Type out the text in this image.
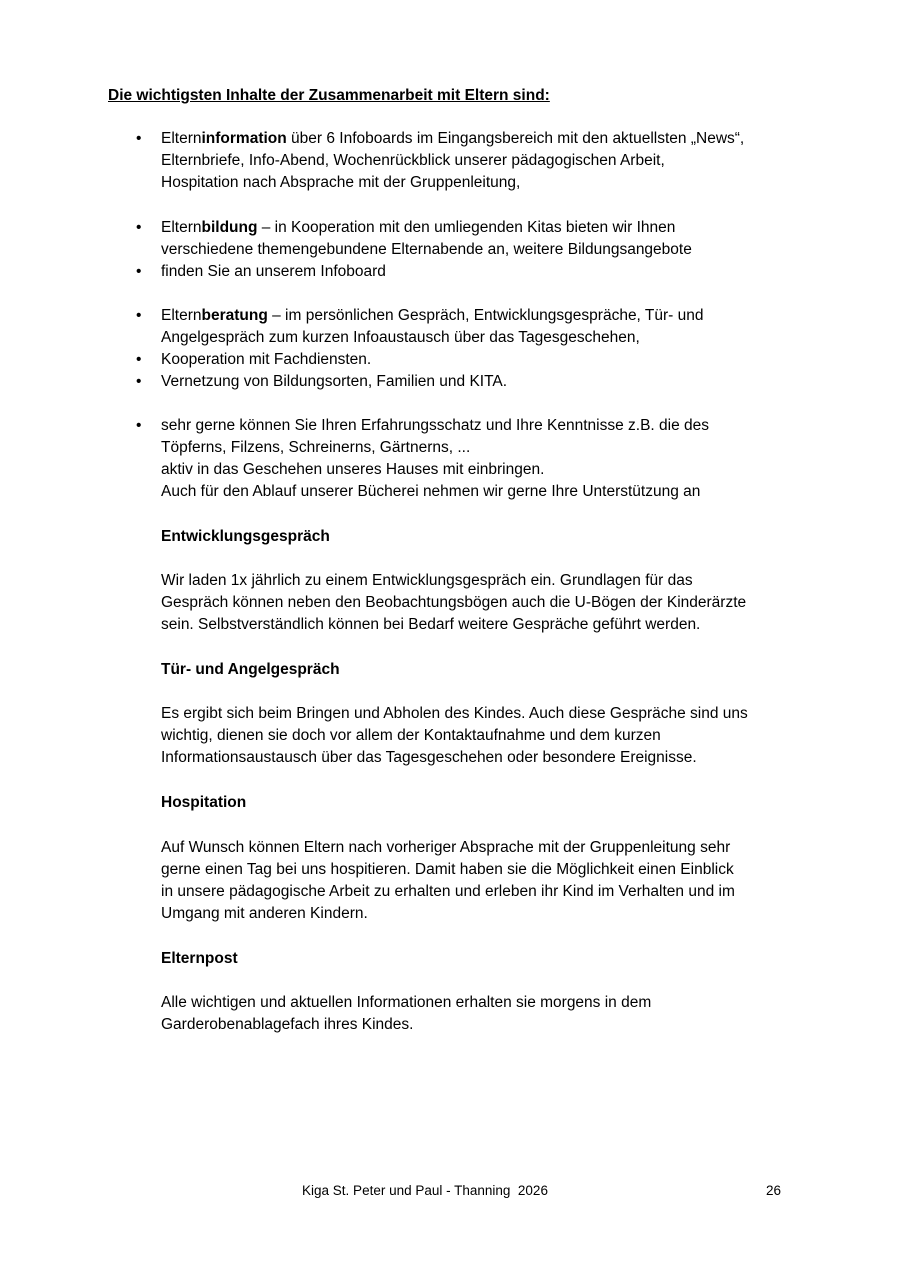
Die wichtigsten Inhalte der Zusammenarbeit mit Eltern sind:
• Elterninformation über 6 Infoboards im Eingangsbereich mit den aktuellsten „News“,
Elternbriefe, Info-Abend, Wochenrückblick unserer pädagogischen Arbeit,
Hospitation nach Absprache mit der Gruppenleitung,
• Elternbildung – in Kooperation mit den umliegenden Kitas bieten wir Ihnen
verschiedene themengebundene Elternabende an, weitere Bildungsangebote
• finden Sie an unserem Infoboard
• Elternberatung – im persönlichen Gespräch, Entwicklungsgespräche, Tür- und
Angelgespräch zum kurzen Infoaustausch über das Tagesgeschehen,
• Kooperation mit Fachdiensten.
• Vernetzung von Bildungsorten, Familien und KITA.
• sehr gerne können Sie Ihren Erfahrungsschatz und Ihre Kenntnisse z.B. die des
Töpferns, Filzens, Schreinerns, Gärtnerns, ...
aktiv in das Geschehen unseres Hauses mit einbringen.
Auch für den Ablauf unserer Bücherei nehmen wir gerne Ihre Unterstützung an
Entwicklungsgespräch
Wir laden 1x jährlich zu einem Entwicklungsgespräch ein. Grundlagen für das
Gespräch können neben den Beobachtungsbögen auch die U-Bögen der Kinderärzte
sein. Selbstverständlich können bei Bedarf weitere Gespräche geführt werden.
Tür- und Angelgespräch
Es ergibt sich beim Bringen und Abholen des Kindes. Auch diese Gespräche sind uns
wichtig, dienen sie doch vor allem der Kontaktaufnahme und dem kurzen
Informationsaustausch über das Tagesgeschehen oder besondere Ereignisse.
Hospitation
Auf Wunsch können Eltern nach vorheriger Absprache mit der Gruppenleitung sehr
gerne einen Tag bei uns hospitieren. Damit haben sie die Möglichkeit einen Einblick
in unsere pädagogische Arbeit zu erhalten und erleben ihr Kind im Verhalten und im
Umgang mit anderen Kindern.
Elternpost
Alle wichtigen und aktuellen Informationen erhalten sie morgens in dem
Garderobenablagefach ihres Kindes.
Kiga St. Peter und Paul - Thanning  2026	26
